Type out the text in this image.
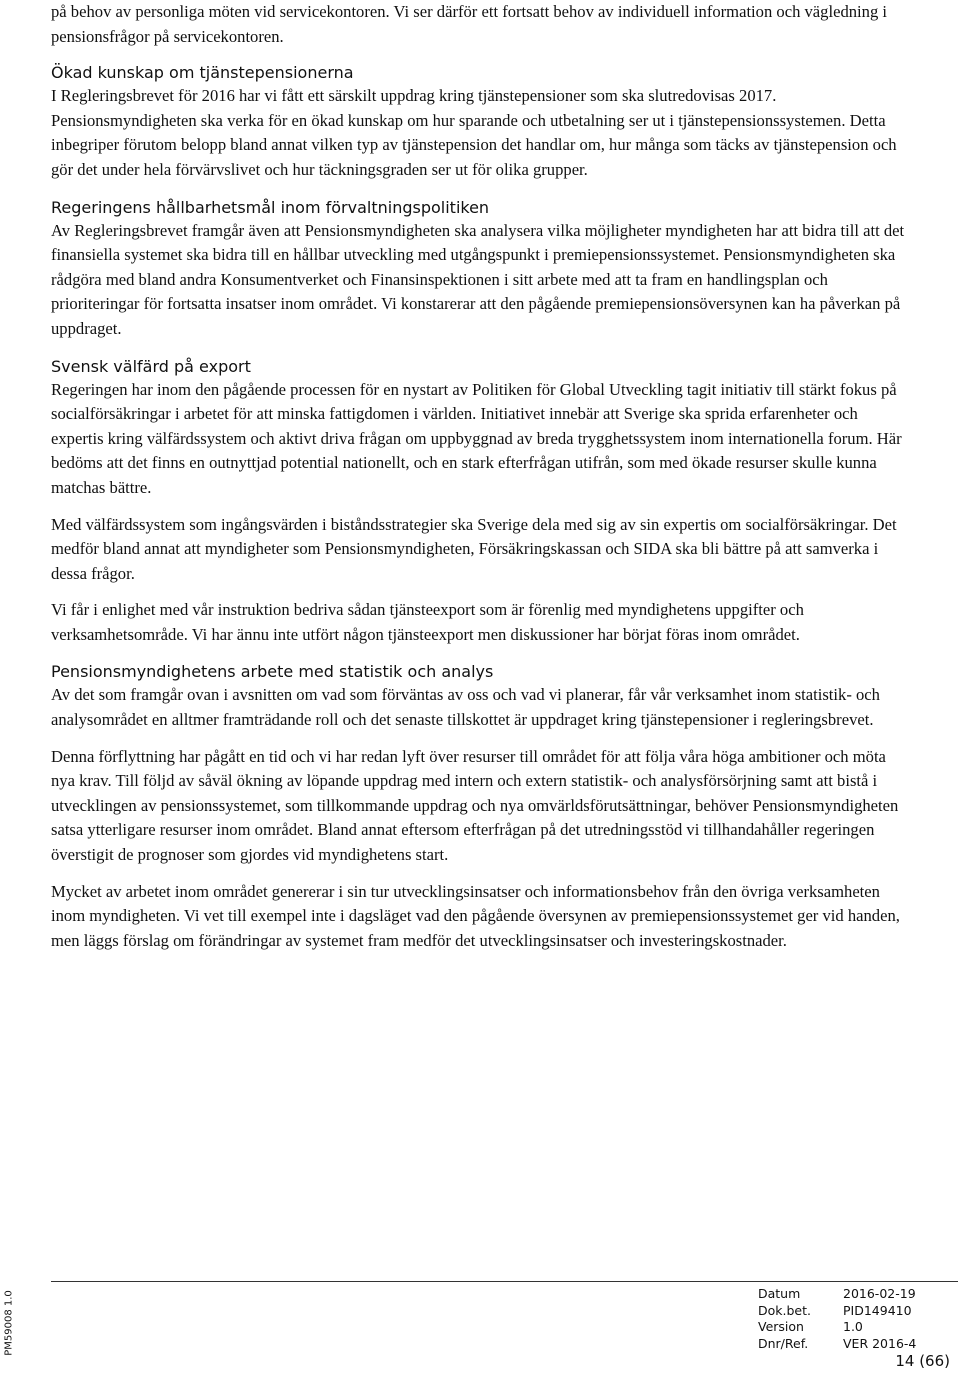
på behov av personliga möten vid servicekontoren. Vi ser därför ett fortsatt behov av individuell information och vägledning i pensionsfrågor på servicekontoren.

Ökad kunskap om tjänstepensionerna

I Regleringsbrevet för 2016 har vi fått ett särskilt uppdrag kring tjänstepensioner som ska slutredovisas 2017. Pensionsmyndigheten ska verka för en ökad kunskap om hur sparande och utbetalning ser ut i tjänstepensionssystemen. Detta inbegriper förutom belopp bland annat vilken typ av tjänstepension det handlar om, hur många som täcks av tjänstepension och gör det under hela förvärvslivet och hur täckningsgraden ser ut för olika grupper.

Regeringens hållbarhetsmål inom förvaltningspolitiken

Av Regleringsbrevet framgår även att Pensionsmyndigheten ska analysera vilka möjligheter myndigheten har att bidra till att det finansiella systemet ska bidra till en hållbar utveckling med utgångspunkt i premiepensionssystemet. Pensionsmyndigheten ska rådgöra med bland andra Konsumentverket och Finansinspektionen i sitt arbete med att ta fram en handlingsplan och prioriteringar för fortsatta insatser inom området. Vi konstarerar att den pågående premiepensionsöversynen kan ha påverkan på uppdraget.

Svensk välfärd på export

Regeringen har inom den pågående processen för en nystart av Politiken för Global Utveckling tagit initiativ till stärkt fokus på socialförsäkringar i arbetet för att minska fattigdomen i världen. Initiativet innebär att Sverige ska sprida erfarenheter och expertis kring välfärdssystem och aktivt driva frågan om uppbyggnad av breda trygghetssystem inom internationella forum. Här bedöms att det finns en outnyttjad potential nationellt, och en stark efterfrågan utifrån, som med ökade resurser skulle kunna matchas bättre.

Med välfärdssystem som ingångsvärden i biståndsstrategier ska Sverige dela med sig av sin expertis om socialförsäkringar. Det medför bland annat att myndigheter som Pensionsmyndigheten, Försäkringskassan och SIDA ska bli bättre på att samverka i dessa frågor.

Vi får i enlighet med vår instruktion bedriva sådan tjänsteexport som är förenlig med myndighetens uppgifter och verksamhetsområde. Vi har ännu inte utfört någon tjänsteexport men diskussioner har börjat föras inom området.

Pensionsmyndighetens arbete med statistik och analys

Av det som framgår ovan i avsnitten om vad som förväntas av oss och vad vi planerar, får vår verksamhet inom statistik- och analysområdet en alltmer framträdande roll och det senaste tillskottet är uppdraget kring tjänstepensioner i regleringsbrevet.

Denna förflyttning har pågått en tid och vi har redan lyft över resurser till området för att följa våra höga ambitioner och möta nya krav. Till följd av såväl ökning av löpande uppdrag med intern och extern statistik- och analysförsörjning samt att bistå i utvecklingen av pensionssystemet, som tillkommande uppdrag och nya omvärldsförutsättningar, behöver Pensionsmyndigheten satsa ytterligare resurser inom området. Bland annat eftersom efterfrågan på det utredningsstöd vi tillhandahåller regeringen överstigit de prognoser som gjordes vid myndighetens start.

Mycket av arbetet inom området genererar i sin tur utvecklingsinsatser och informationsbehov från den övriga verksamheten inom myndigheten. Vi vet till exempel inte i dagsläget vad den pågående översynen av premiepensionssystemet ger vid handen, men läggs förslag om förändringar av systemet fram medför det utvecklingsinsatser och investeringskostnader.

PM59008 1.0	Datum	2016-02-19
Dok.bet.	PID149410
Version	1.0
Dnr/Ref.	VER 2016-4
14 (66)
